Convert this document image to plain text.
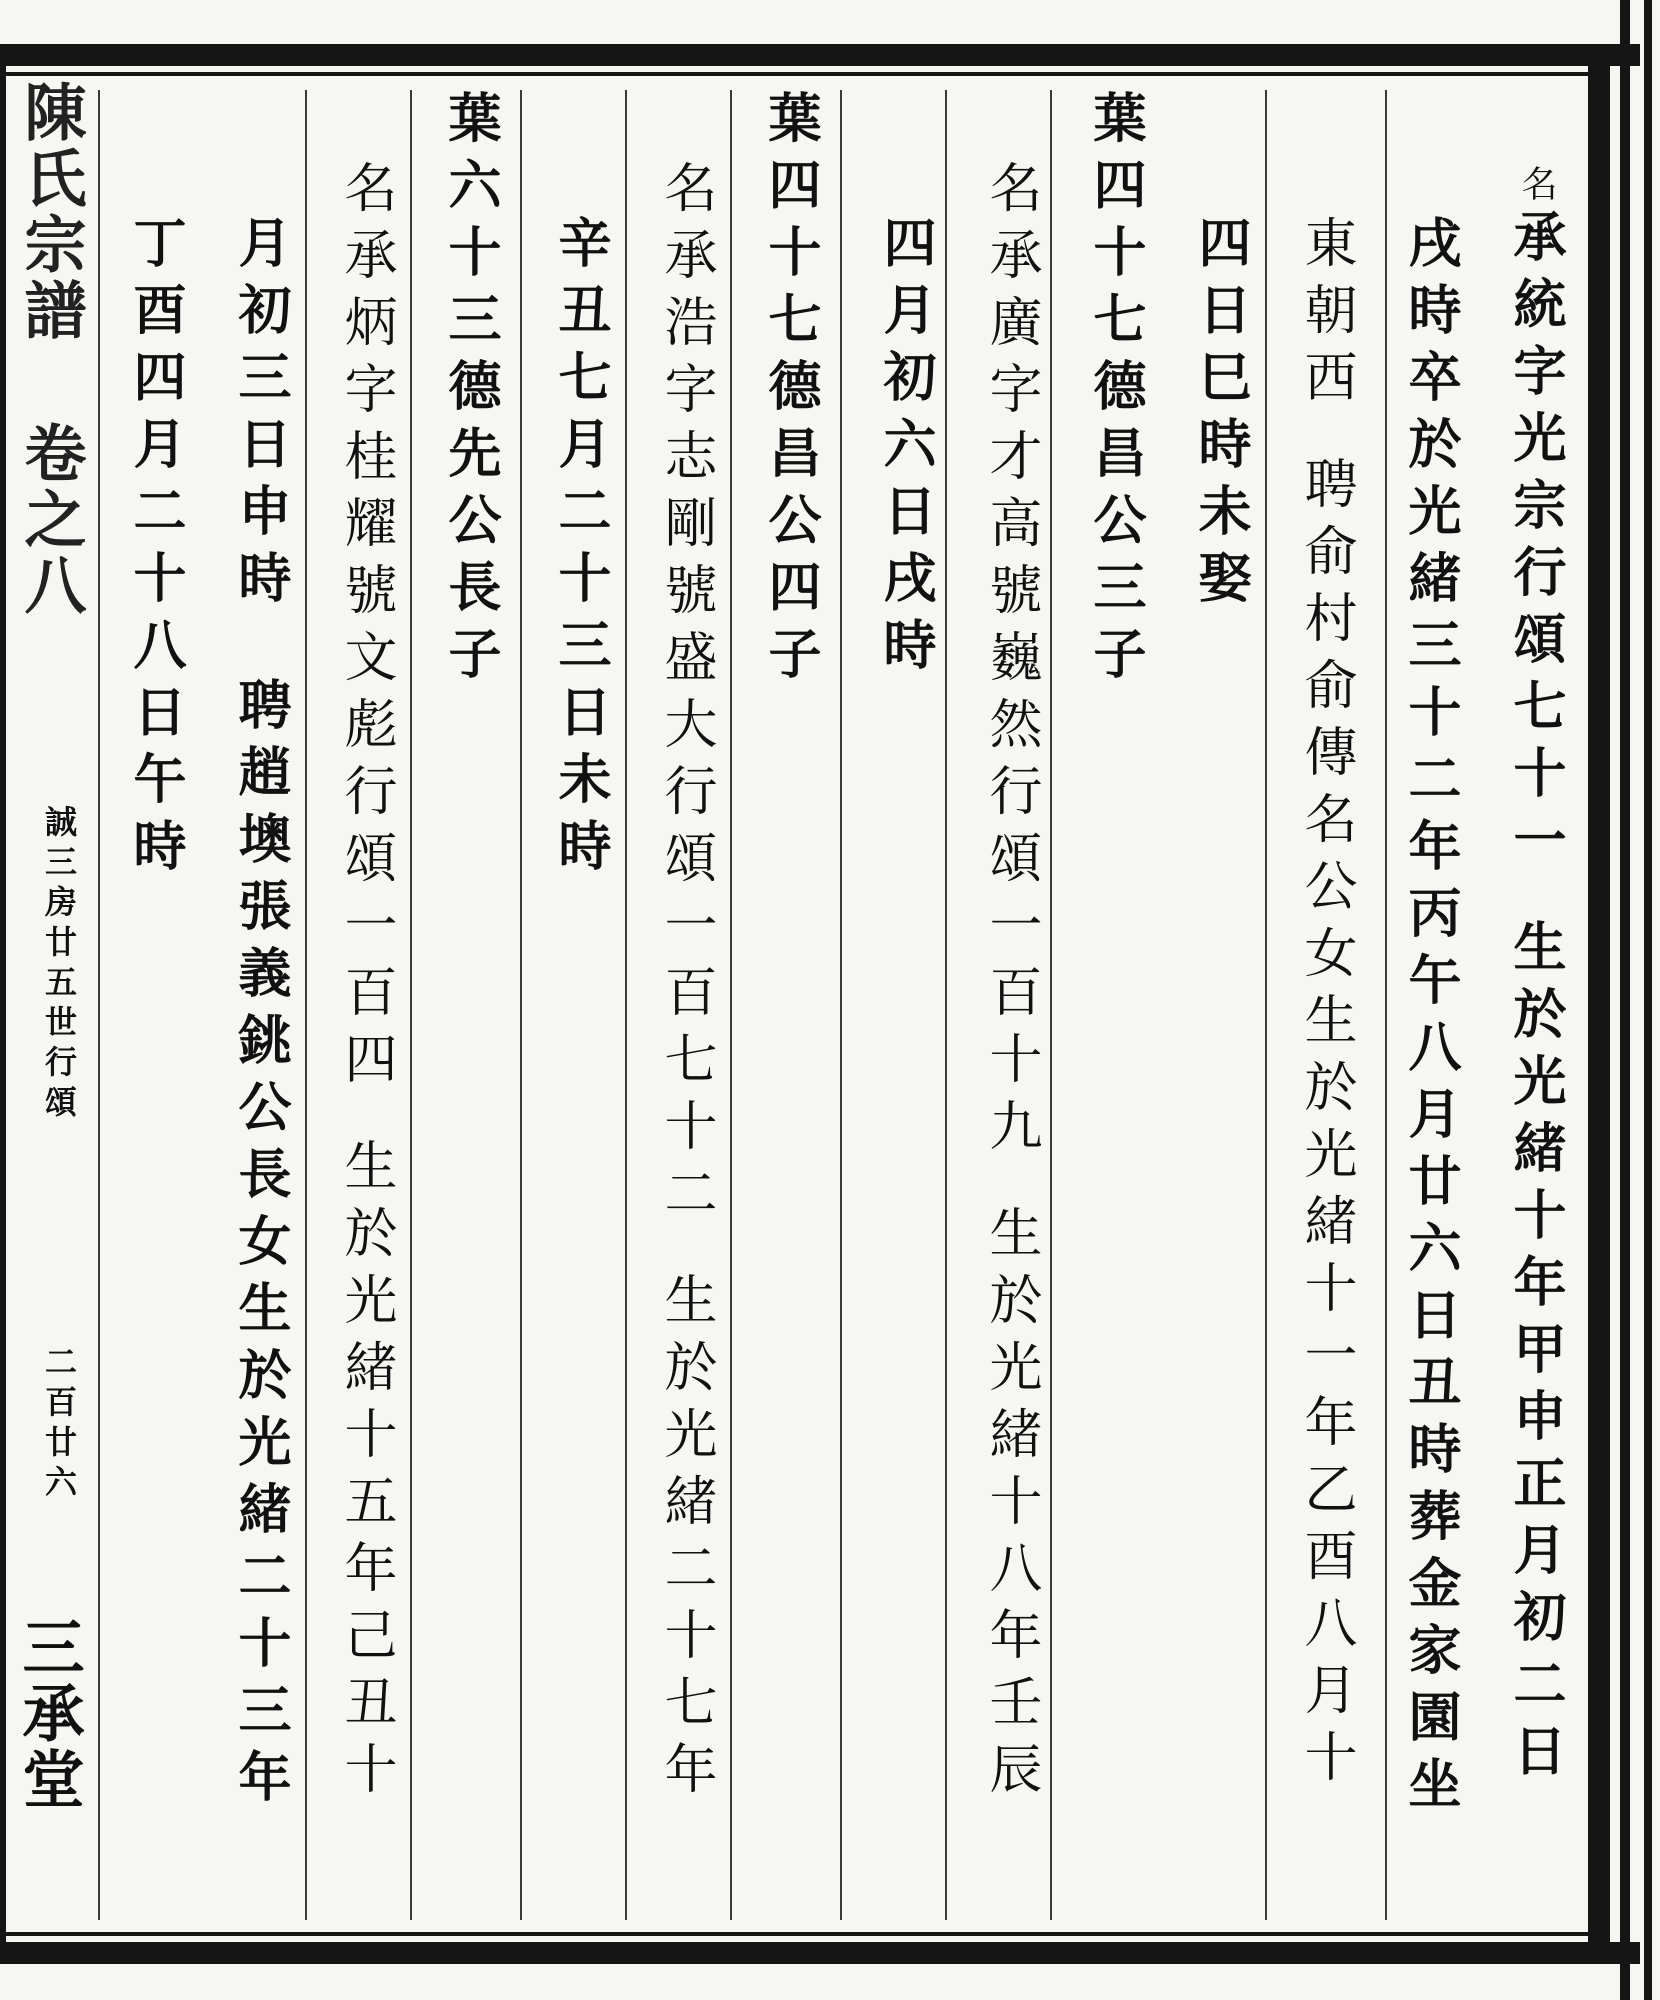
陳氏宗譜 卷之八
誠三房廿五世行頌
二百廿六
三承堂
名承統字光宗行頌七十一生於光緒十年甲申正月初二日
戌時卒於光緒三十二年丙午八月廿六日丑時葬金家園坐
東朝西聘俞村俞傳名公女生於光緒十一年乙酉八月十
四日巳時未娶
葉四十七德昌公三子
名承廣字才高號巍然行頌一百十九生於光緒十八年壬辰
四月初六日戌時
葉四十七德昌公四子
名承浩字志剛號盛大行頌一百七十二生於光緒二十七年
辛丑七月二十三日未時
葉六十三德先公長子
名承炳字桂耀號文彪行頌一百四生於光緒十五年己丑十
月初三日申時聘趙墺張義銚公長女生於光緒二十三年
丁酉四月二十八日午時
